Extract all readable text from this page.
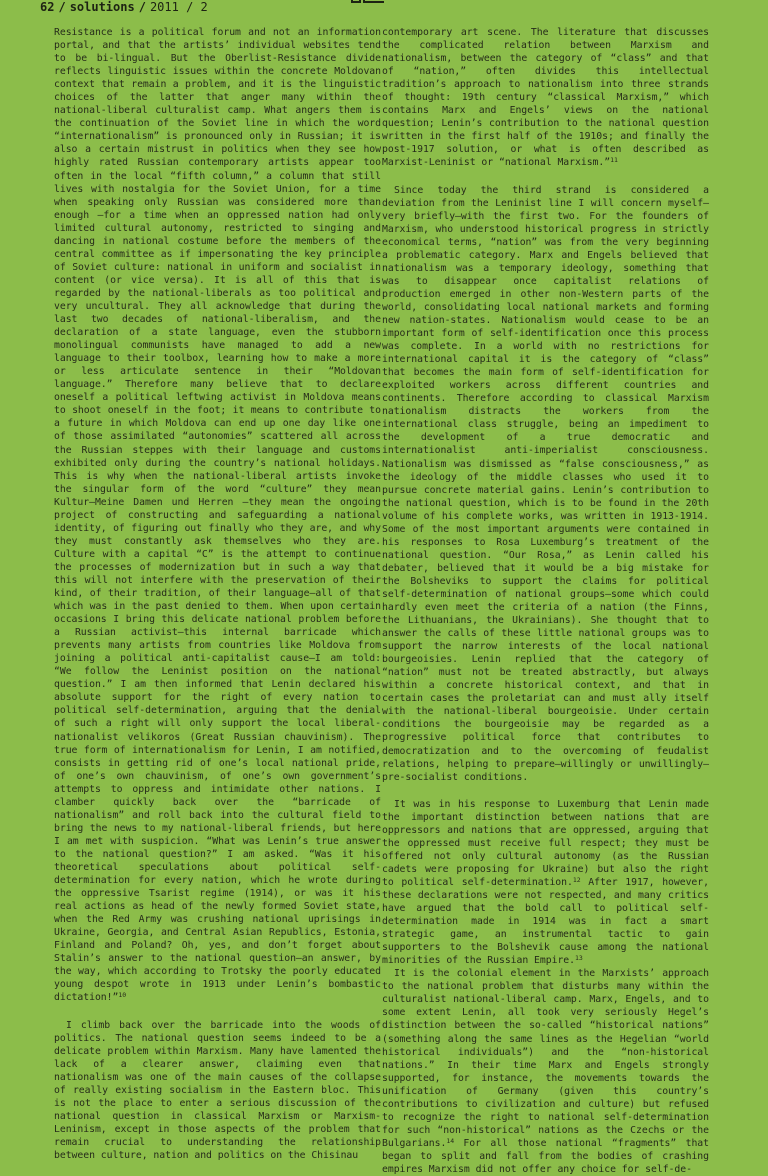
62 / solutions / 2011 / 2

Resistance is a political forum and not an information portal, and that the artists’ individual websites tend to be bi-lingual. But the Oberlist-Resistance divide reflects linguistic issues within the concrete Moldovan context that remain a problem, and it is the linguistic choices of the latter that anger many within the national-liberal culturalist camp. What angers them is the continuation of the Soviet line in which the word “internationalism” is pronounced only in Russian; it is also a certain mistrust in politics when they see how highly rated Russian contemporary artists appear too often in the local “fifth column,” a column that still lives with nostalgia for the Soviet Union, for a time when speaking only Russian was considered more than enough —for a time when an oppressed nation had only limited cultural autonomy, restricted to singing and dancing in national costume before the members of the central committee as if impersonating the key principle of Soviet culture: national in uniform and socialist in content (or vice versa). It is all of this that is regarded by the national-liberals as too political and very uncultural. They all acknowledge that during the last two decades of national-liberalism, and the declaration of a state language, even the stubborn monolingual communists have managed to add a new language to their toolbox, learning how to make a more or less articulate sentence in their “Moldovan language.” Therefore many believe that to declare oneself a political leftwing activist in Moldova means to shoot oneself in the foot; it means to contribute to a future in which Moldova can end up one day like one of those assimilated “autonomies” scattered all across the Russian steppes with their language and customs exhibited only during the country’s national holidays. This is why when the national-liberal artists invoke the singular form of the word “culture” they mean Kultur—Meine Damen und Herren –they mean the ongoing project of constructing and safeguarding a national identity, of figuring out finally who they are, and why they must constantly ask themselves who they are. Culture with a capital “C” is the attempt to continue the processes of modernization but in such a way that this will not interfere with the preservation of their kind, of their tradition, of their language—all of that which was in the past denied to them. When upon certain occasions I bring this delicate national problem before a Russian activist—this internal barricade which prevents many artists from countries like Moldova from joining a political anti-capitalist cause—I am told: “We follow the Leninist position on the national question.” I am then informed that Lenin declared his absolute support for the right of every nation to political self-determination, arguing that the denial of such a right will only support the local liberal-nationalist velikoros (Great Russian chauvinism). The true form of internationalism for Lenin, I am notified, consists in getting rid of one’s local national pride, of one’s own chauvinism, of one’s own government’s attempts to oppress and intimidate other nations. I clamber quickly back over the “barricade of nationalism” and roll back into the cultural field to bring the news to my national-liberal friends, but here I am met with suspicion. “What was Lenin’s true answer to the national question?” I am asked. “Was it his theoretical speculations about political self-determination for every nation, which he wrote during the oppressive Tsarist regime (1914), or was it his real actions as head of the newly formed Soviet state, when the Red Army was crushing national uprisings in Ukraine, Georgia, and Central Asian Republics, Estonia, Finland and Poland? Oh, yes, and don’t forget about Stalin’s answer to the national question—an answer, by the way, which according to Trotsky the poorly educated young despot wrote in 1913 under Lenin’s bombastic dictation!”$^{10}$

I climb back over the barricade into the woods of politics. The national question seems indeed to be a delicate problem within Marxism. Many have lamented the lack of a clearer answer, claiming even that nationalism was one of the main causes of the collapse of really existing socialism in the Eastern bloc. This is not the place to enter a serious discussion of the national question in classical Marxism or Marxism-Leninism, except in those aspects of the problem that remain crucial to understanding the relationship between culture, nation and politics on the Chisinau

contemporary art scene. The literature that discusses the complicated relation between Marxism and nationalism, between the category of “class” and that of “nation,” often divides this intellectual tradition’s approach to nationalism into three strands of thought: 19th century “classical Marxism,” which contains Marx and Engels’ views on the national question; Lenin’s contribution to the national question written in the first half of the 1910s; and finally the post-1917 solution, or what is often described as Marxist-Leninist or “national Marxism.”$^{11}$

Since today the third strand is considered a deviation from the Leninist line I will concern myself—very briefly—with the first two. For the founders of Marxism, who understood historical progress in strictly economical terms, “nation” was from the very beginning a problematic category. Marx and Engels believed that nationalism was a temporary ideology, something that was to disappear once capitalist relations of production emerged in other non-Western parts of the world, consolidating local national markets and forming new nation-states. Nationalism would cease to be an important form of self-identification once this process was complete. In a world with no restrictions for international capital it is the category of “class” that becomes the main form of self-identification for exploited workers across different countries and continents. Therefore according to classical Marxism nationalism distracts the workers from the international class struggle, being an impediment to the development of a true democratic and internationalist anti-imperialist consciousness. Nationalism was dismissed as “false consciousness,” as the ideology of the middle classes who used it to pursue concrete material gains. Lenin’s contribution to the national question, which is to be found in the 20th volume of his complete works, was written in 1913-1914. Some of the most important arguments were contained in his responses to Rosa Luxemburg’s treatment of the national question. “Our Rosa,” as Lenin called his debater, believed that it would be a big mistake for the Bolsheviks to support the claims for political self-determination of national groups—some which could hardly even meet the criteria of a nation (the Finns, the Lithuanians, the Ukrainians). She thought that to answer the calls of these little national groups was to support the narrow interests of the local national bourgeoisies. Lenin replied that the category of “nation” must not be treated abstractly, but always within a concrete historical context, and that in certain cases the proletariat can and must ally itself with the national-liberal bourgeoisie. Under certain conditions the bourgeoisie may be regarded as a progressive political force that contributes to democratization and to the overcoming of feudalist relations, helping to prepare—willingly or unwillingly—pre-socialist conditions.

It was in his response to Luxemburg that Lenin made the important distinction between nations that are oppressors and nations that are oppressed, arguing that the oppressed must receive full respect; they must be offered not only cultural autonomy (as the Russian cadets were proposing for Ukraine) but also the right to political self-determination.$^{12}$ After 1917, however, these declarations were not respected, and many critics have argued that the bold call to political self-determination made in 1914 was in fact a smart strategic game, an instrumental tactic to gain supporters to the Bolshevik cause among the national minorities of the Russian Empire.$^{13}$

It is the colonial element in the Marxists’ approach to the national problem that disturbs many within the culturalist national-liberal camp. Marx, Engels, and to some extent Lenin, all took very seriously Hegel’s distinction between the so-called “historical nations” (something along the same lines as the Hegelian “world historical individuals”) and the “non-historical nations.” In their time Marx and Engels strongly supported, for instance, the movements towards the unification of Germany (given this country’s contributions to civilization and culture) but refused to recognize the right to national self-determination for such “non-historical” nations as the Czechs or the Bulgarians.$^{14}$ For all those national “fragments” that began to split and fall from the bodies of crashing empires Marxism did not offer any choice for self-de-
